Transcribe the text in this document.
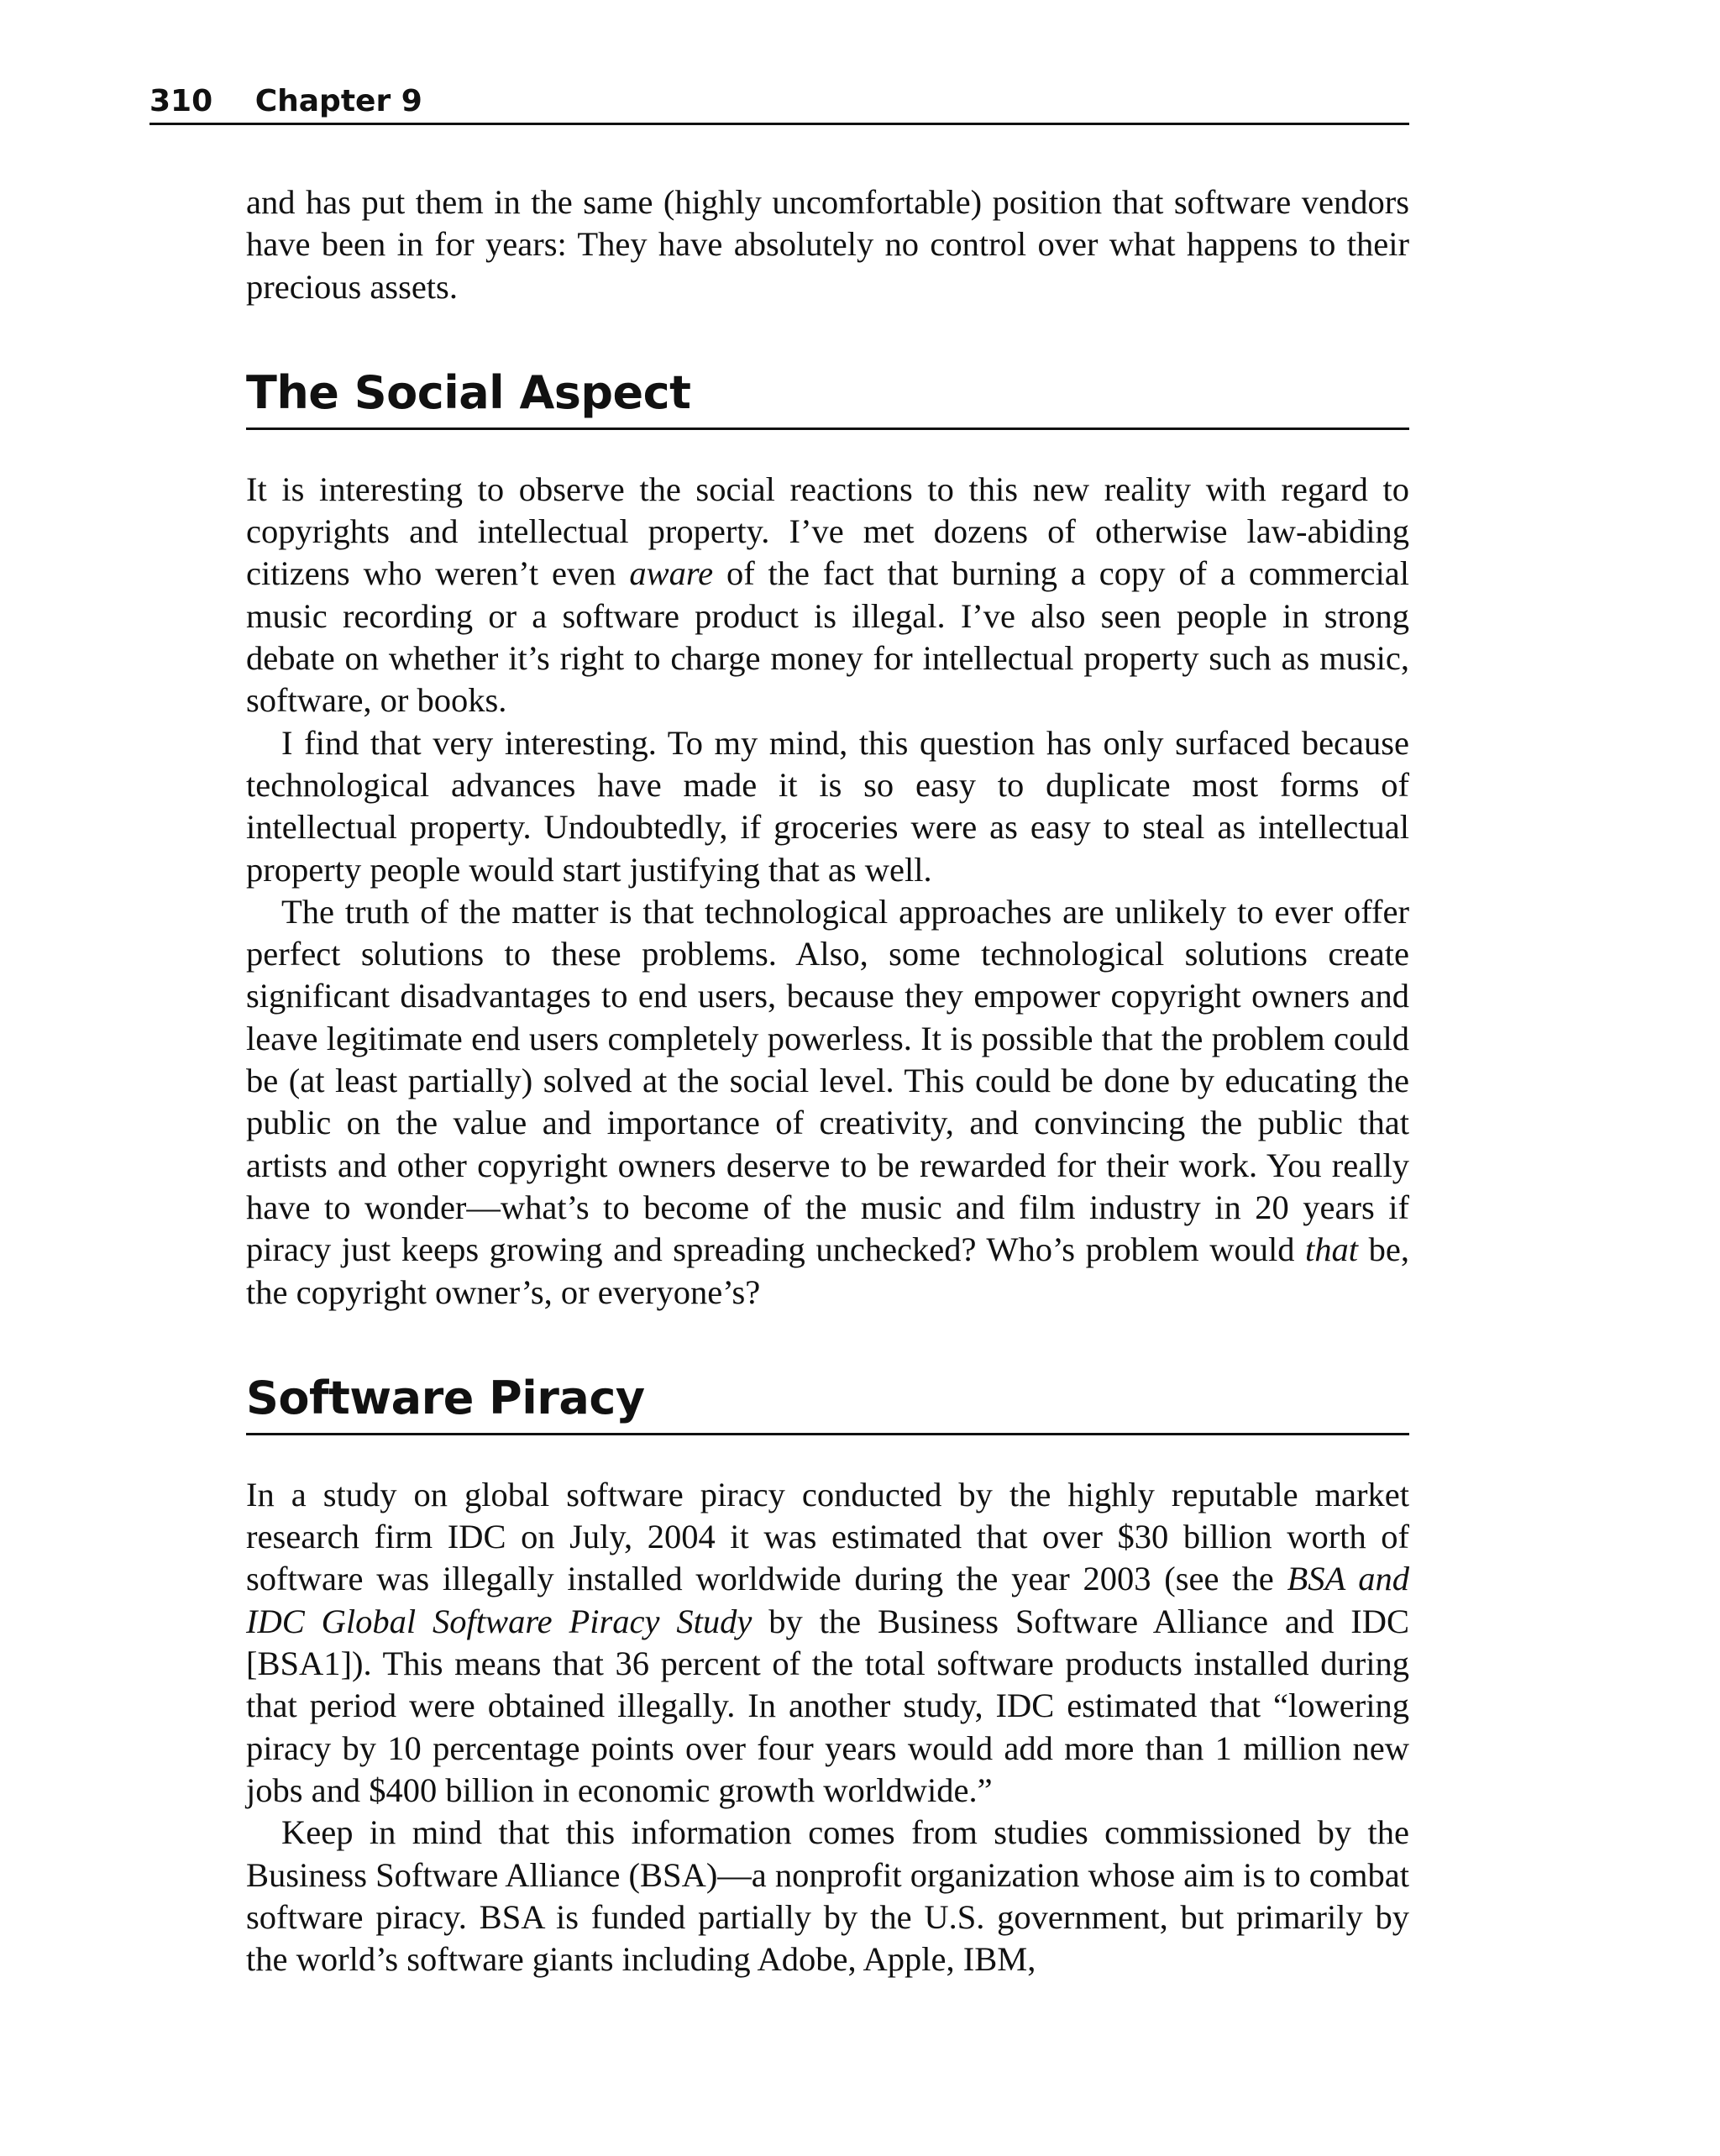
310 Chapter 9

and has put them in the same (highly uncomfortable) position that software vendors have been in for years: They have absolutely no control over what happens to their precious assets.

The Social Aspect

It is interesting to observe the social reactions to this new reality with regard to copyrights and intellectual property. I’ve met dozens of otherwise law-abiding citizens who weren’t even aware of the fact that burning a copy of a commercial music recording or a software product is illegal. I’ve also seen people in strong debate on whether it’s right to charge money for intellectual property such as music, software, or books.

I find that very interesting. To my mind, this question has only surfaced because technological advances have made it is so easy to duplicate most forms of intellectual property. Undoubtedly, if groceries were as easy to steal as intellectual property people would start justifying that as well.

The truth of the matter is that technological approaches are unlikely to ever offer perfect solutions to these problems. Also, some technological solutions create significant disadvantages to end users, because they empower copyright owners and leave legitimate end users completely powerless. It is possible that the problem could be (at least partially) solved at the social level. This could be done by educating the public on the value and importance of creativity, and convincing the public that artists and other copyright owners deserve to be rewarded for their work. You really have to wonder—what’s to become of the music and film industry in 20 years if piracy just keeps growing and spreading unchecked? Who’s problem would that be, the copyright owner’s, or everyone’s?

Software Piracy

In a study on global software piracy conducted by the highly reputable market research firm IDC on July, 2004 it was estimated that over $30 billion worth of software was illegally installed worldwide during the year 2003 (see the BSA and IDC Global Software Piracy Study by the Business Software Alliance and IDC [BSA1]). This means that 36 percent of the total software products installed during that period were obtained illegally. In another study, IDC estimated that “lowering piracy by 10 percentage points over four years would add more than 1 million new jobs and $400 billion in economic growth worldwide.”

Keep in mind that this information comes from studies commissioned by the Business Software Alliance (BSA)—a nonprofit organization whose aim is to combat software piracy. BSA is funded partially by the U.S. government, but primarily by the world’s software giants including Adobe, Apple, IBM,
